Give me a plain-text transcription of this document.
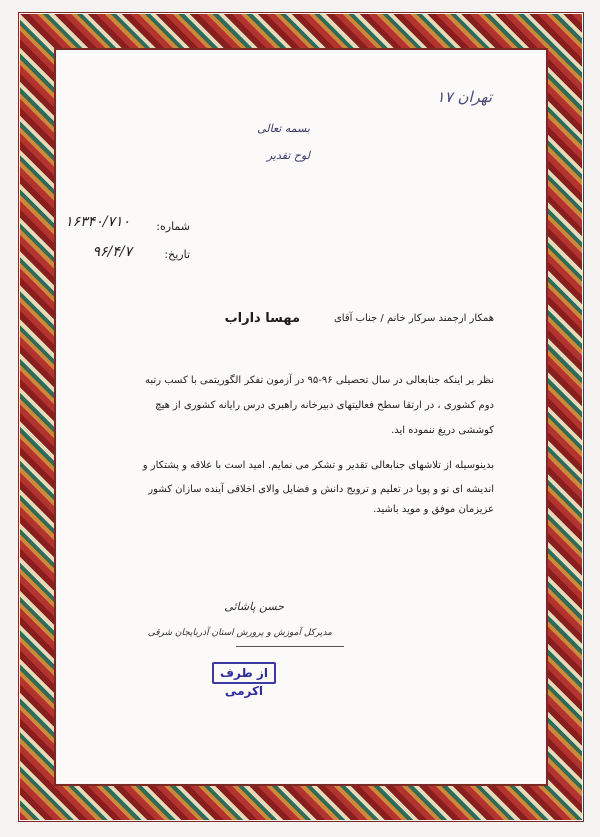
تهران ۱۷
بسمه تعالی
لوح تقدیر
شماره:
۱۶۳۴۰/۷۱۰
تاریخ:
۹۶/۴/۷
همکار ارجمند سرکار خانم / جناب آقای
مهسا داراب
نظر بر اینکه جنابعالی در سال تحصیلی ۹۶-۹۵ در آزمون تفکر الگوریتمی با کسب رتبه
دوم کشوری ، در ارتقا سطح فعالیتهای دبیرخانه راهبری درس رایانه کشوری از هیچ
کوششی دریغ ننموده اید.
بدینوسیله از تلاشهای جنابعالی تقدیر و تشکر می نمایم. امید است با علاقه و پشتکار و
اندیشه ای نو و پویا در تعلیم و ترویج دانش و فضایل والای اخلاقی آینده سازان کشور
عزیزمان موفق و موید باشید.
حسن پاشائی
مدیرکل آموزش و پرورش استان آذربایجان شرقی
از طرف اکرمی
